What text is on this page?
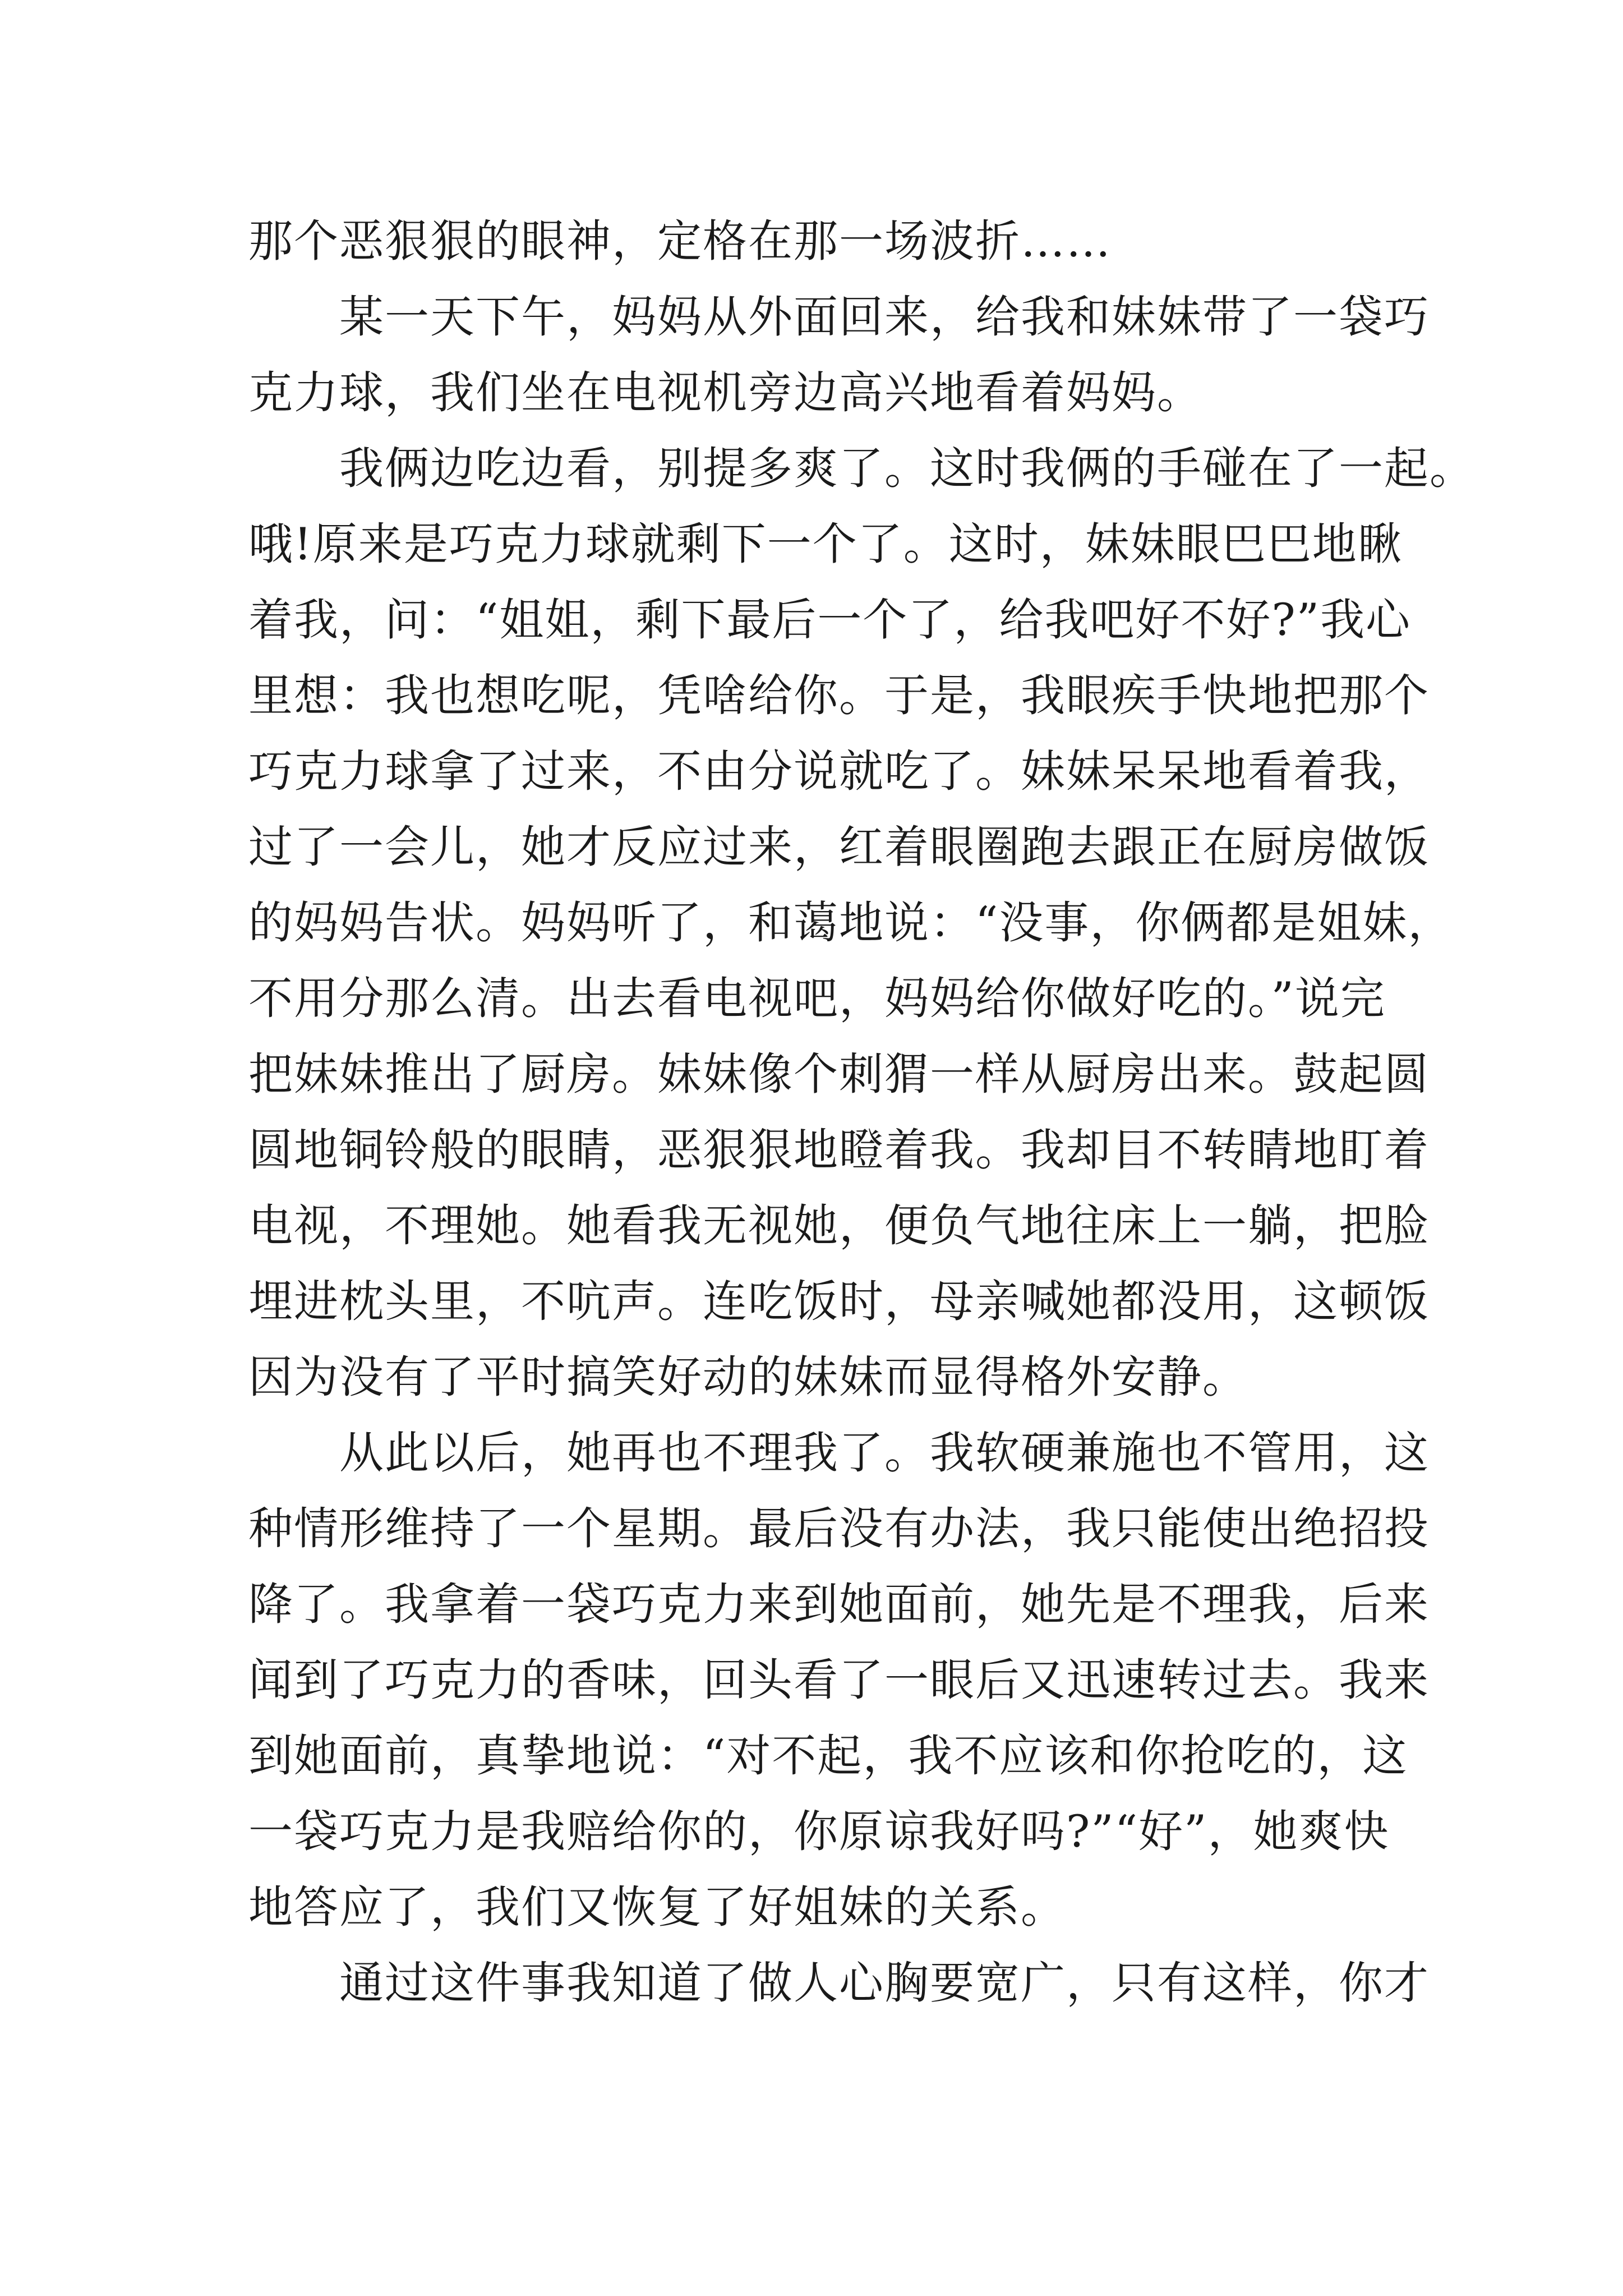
那个恶狠狠的眼神，定格在那一场波折……
某一天下午，妈妈从外面回来，给我和妹妹带了一袋巧
克力球，我们坐在电视机旁边高兴地看着妈妈。
我俩边吃边看，别提多爽了。这时我俩的手碰在了一起。
哦!原来是巧克力球就剩下一个了。这时，妹妹眼巴巴地瞅
着我，问：“姐姐，剩下最后一个了，给我吧好不好?”我心
里想：我也想吃呢，凭啥给你。于是，我眼疾手快地把那个
巧克力球拿了过来，不由分说就吃了。妹妹呆呆地看着我，
过了一会儿，她才反应过来，红着眼圈跑去跟正在厨房做饭
的妈妈告状。妈妈听了，和蔼地说：“没事，你俩都是姐妹，
不用分那么清。出去看电视吧，妈妈给你做好吃的。”说完
把妹妹推出了厨房。妹妹像个刺猬一样从厨房出来。鼓起圆
圆地铜铃般的眼睛，恶狠狠地瞪着我。我却目不转睛地盯着
电视，不理她。她看我无视她，便负气地往床上一躺，把脸
埋进枕头里，不吭声。连吃饭时，母亲喊她都没用，这顿饭
因为没有了平时搞笑好动的妹妹而显得格外安静。
从此以后，她再也不理我了。我软硬兼施也不管用，这
种情形维持了一个星期。最后没有办法，我只能使出绝招投
降了。我拿着一袋巧克力来到她面前，她先是不理我，后来
闻到了巧克力的香味，回头看了一眼后又迅速转过去。我来
到她面前，真挚地说：“对不起，我不应该和你抢吃的，这
一袋巧克力是我赔给你的，你原谅我好吗?”“好”，她爽快
地答应了，我们又恢复了好姐妹的关系。
通过这件事我知道了做人心胸要宽广，只有这样，你才
